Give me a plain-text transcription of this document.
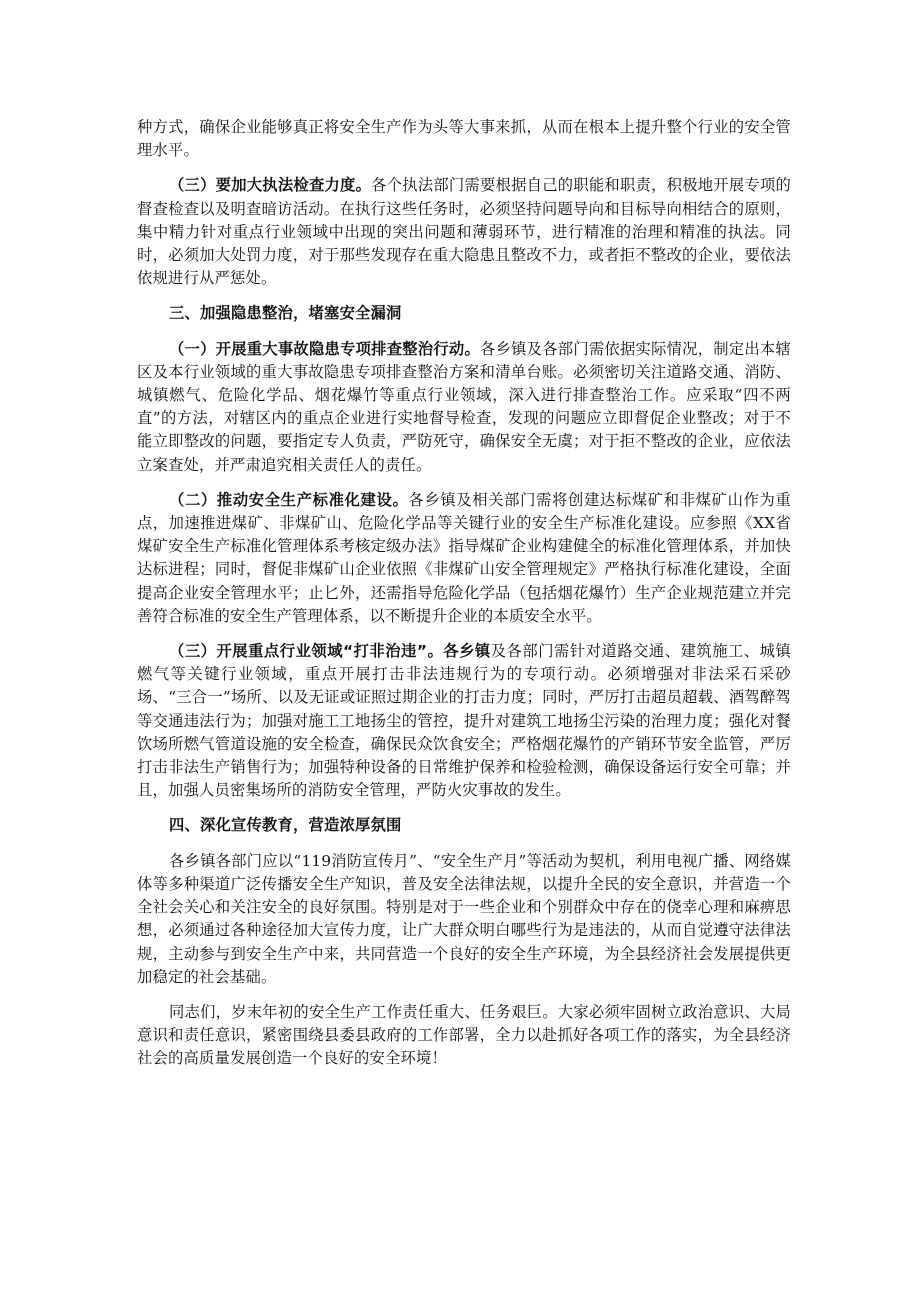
种方式，确保企业能够真正将安全生产作为头等大事来抓，从而在根本上提升整个行业的安全管理水平。

（三）要加大执法检查力度。各个执法部门需要根据自己的职能和职责，积极地开展专项的督查检查以及明查暗访活动。在执行这些任务时，必须坚持问题导向和目标导向相结合的原则，集中精力针对重点行业领域中出现的突出问题和薄弱环节，进行精准的治理和精准的执法。同时，必须加大处罚力度，对于那些发现存在重大隐患且整改不力，或者拒不整改的企业，要依法依规进行从严惩处。

三、加强隐患整治，堵塞安全漏洞

（一）开展重大事故隐患专项排查整治行动。各乡镇及各部门需依据实际情况，制定出本辖区及本行业领域的重大事故隐患专项排查整治方案和清单台账。必须密切关注道路交通、消防、城镇燃气、危险化学品、烟花爆竹等重点行业领域，深入进行排查整治工作。应采取“四不两直”的方法，对辖区内的重点企业进行实地督导检查，发现的问题应立即督促企业整改；对于不能立即整改的问题，要指定专人负责，严防死守，确保安全无虞；对于拒不整改的企业，应依法立案查处，并严肃追究相关责任人的责任。

（二）推动安全生产标准化建设。各乡镇及相关部门需将创建达标煤矿和非煤矿山作为重点，加速推进煤矿、非煤矿山、危险化学品等关键行业的安全生产标准化建设。应参照《XX省煤矿安全生产标准化管理体系考核定级办法》指导煤矿企业构建健全的标准化管理体系，并加快达标进程；同时，督促非煤矿山企业依照《非煤矿山安全管理规定》严格执行标准化建设，全面提高企业安全管理水平；止匕外，还需指导危险化学品（包括烟花爆竹）生产企业规范建立并完善符合标准的安全生产管理体系，以不断提升企业的本质安全水平。

（三）开展重点行业领域“打非治违”。各乡镇及各部门需针对道路交通、建筑施工、城镇燃气等关键行业领域，重点开展打击非法违规行为的专项行动。必须增强对非法采石采砂场、“三合一”场所、以及无证或证照过期企业的打击力度；同时，严厉打击超员超载、酒驾醉驾等交通违法行为；加强对施工工地扬尘的管控，提升对建筑工地扬尘污染的治理力度；强化对餐饮场所燃气管道设施的安全检查，确保民众饮食安全；严格烟花爆竹的产销环节安全监管，严厉打击非法生产销售行为；加强特种设备的日常维护保养和检验检测，确保设备运行安全可靠；并且，加强人员密集场所的消防安全管理，严防火灾事故的发生。

四、深化宣传教育，营造浓厚氛围

各乡镇各部门应以“119消防宣传月”、“安全生产月”等活动为契机，利用电视广播、网络媒体等多种渠道广泛传播安全生产知识，普及安全法律法规，以提升全民的安全意识，并营造一个全社会关心和关注安全的良好氛围。特别是对于一些企业和个别群众中存在的侥幸心理和麻痹思想，必须通过各种途径加大宣传力度，让广大群众明白哪些行为是违法的，从而自觉遵守法律法规，主动参与到安全生产中来，共同营造一个良好的安全生产环境，为全县经济社会发展提供更加稳定的社会基础。

同志们，岁末年初的安全生产工作责任重大、任务艰巨。大家必须牢固树立政治意识、大局意识和责任意识，紧密围绕县委县政府的工作部署，全力以赴抓好各项工作的落实，为全县经济社会的高质量发展创造一个良好的安全环境！
